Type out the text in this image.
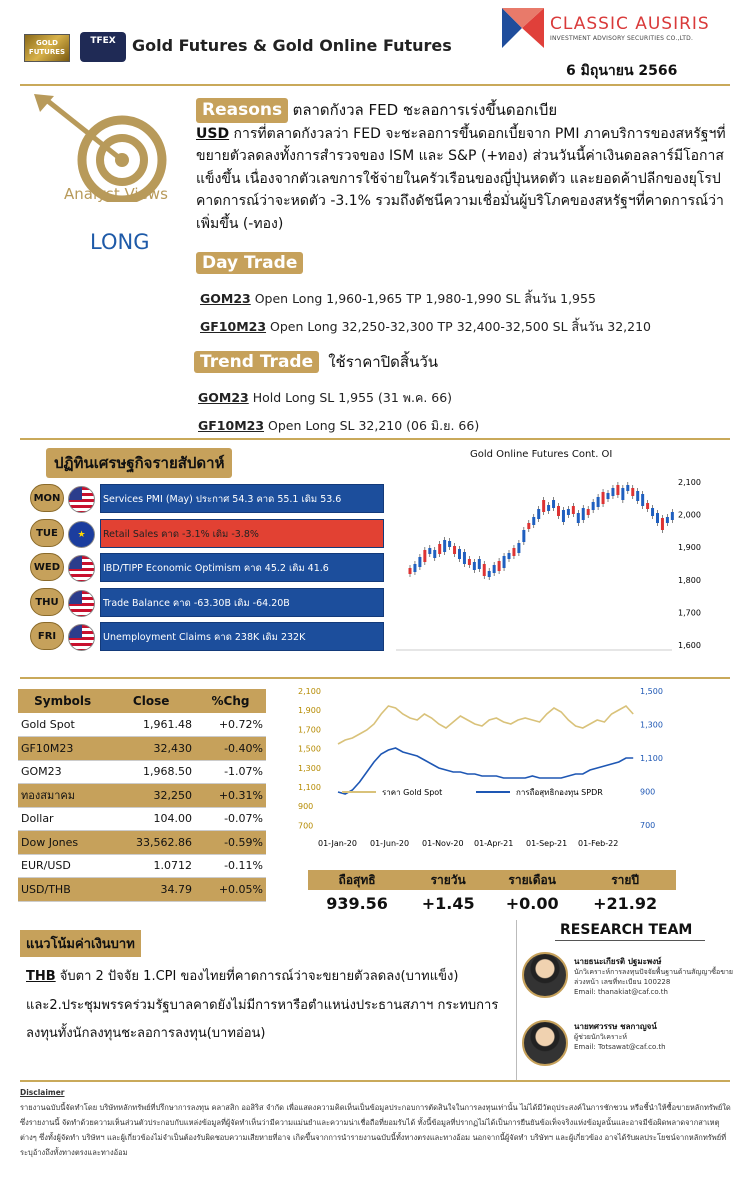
GOLD FUTURES
TFEX	Gold Futures & Gold Online Futures
CLASSIC AUSIRIS
INVESTMENT ADVISORY SECURITIES CO.,LTD.
6 มิถุนายน 2566
Analyst Views
LONG
Reasons ตลาดกังวล FED ชะลอการเร่งขึ้นดอกเบีย
USD การที่ตลาดกังวลว่า FED จะชะลอการขึ้นดอกเบี้ยจาก PMI ภาคบริการของสหรัฐฯที่ขยายตัวลดลงทั้งการสำรวจของ ISM และ S&P (+ทอง) ส่วนวันนี้ค่าเงินดอลลาร์มีโอกาสแข็งขึ้น เนื่องจากตัวเลขการใช้จ่ายในครัวเรือนของญี่ปุ่นหดตัว และยอดค้าปลีกของยุโรปคาดการณ์ว่าจะหดตัว -3.1% รวมถึงดัชนีความเชื่อมั่นผู้บริโภคของสหรัฐฯที่คาดการณ์ว่าเพิ่มขึ้น (-ทอง)
Day Trade
GOM23 Open Long 1,960-1,965 TP 1,980-1,990 SL สิ้นวัน 1,955
GF10M23 Open Long 32,250-32,300 TP 32,400-32,500 SL สิ้นวัน 32,210
Trend Trade ใช้ราคาปิดสิ้นวัน
GOM23 Hold Long SL 1,955 (31 พ.ค. 66)
GF10M23 Open Long SL 32,210 (06 มิ.ย. 66)
ปฏิทินเศรษฐกิจรายสัปดาห์
MON	Services PMI (May) ประกาศ 54.3 คาด 55.1 เดิม 53.6
TUE	★	Retail Sales คาด -3.1% เดิม -3.8%
WED	IBD/TIPP Economic Optimism คาด 45.2 เดิม 41.6
THU	Trade Balance คาด -63.30B เดิม -64.20B
FRI	Unemployment Claims คาด 238K เดิม 232K
Gold Online Futures Cont. OI
2,100
2,000
1,900
1,800
1,700
1,600
Symbols	Close	%Chg
Gold Spot	1,961.48	+0.72%
GF10M23	32,430	-0.40%
GOM23	1,968.50	-1.07%
ทองสมาคม	32,250	+0.31%
Dollar	104.00	-0.07%
Dow Jones	33,562.86	-0.59%
EUR/USD	1.0712	-0.11%
USD/THB	34.79	+0.05%
2,100
1,900
1,700
1,500
1,300
1,100
900
700
1,500
1,300
1,100
900
700
01-Jan-20 01-Jun-20 01-Nov-20 01-Apr-21 01-Sep-21 01-Feb-22
ราคา Gold Spot	การถือสุทธิกองทุน SPDR
ถือสุทธิ	รายวัน	รายเดือน	รายปี
939.56	+1.45	+0.00	+21.92
แนวโน้มค่าเงินบาท
THB จับตา 2 ปัจจัย 1.CPI ของไทยที่คาดการณ์ว่าจะขยายตัวลดลง(บาทแข็ง) และ2.ประชุมพรรคร่วมรัฐบาลคาดยังไม่มีการหารือตำแหน่งประธานสภาฯ กระทบการลงทุนทั้งนักลงทุนชะลอการลงทุน(บาทอ่อน)
RESEARCH TEAM
นายธนะเกียรติ ปฐมะพงษ์
นักวิเคราะห์การลงทุนปัจจัยพื้นฐานด้านสัญญาซื้อขายล่วงหน้า เลขที่ทะเบียน 100228
Email: thanakiat@caf.co.th
นายทศวรรษ ชลกาญจน์
ผู้ช่วยนักวิเคราะห์
Email: Totsawat@caf.co.th
Disclaimer
รายงานฉบับนี้จัดทำโดย บริษัทหลักทรัพย์ที่ปรึกษาการลงทุน คลาสสิก ออสิริส จำกัด เพื่อแสดงความคิดเห็นเป็นข้อมูลประกอบการตัดสินใจในการลงทุนเท่านั้น ไม่ได้มีวัตถุประสงค์ในการชักชวน หรือชี้นำให้ซื้อขายหลักทรัพย์ใด ซึ่งรายงานนี้ จัดทำด้วยความเห็นส่วนตัวประกอบกับแหล่งข้อมูลที่ผู้จัดทำเห็นว่ามีความแม่นยำและความน่าเชื่อถือที่ยอมรับได้ ทั้งนี้ข้อมูลที่ปรากฏไม่ได้เป็นการยืนยันข้อเท็จจริงแห่งข้อมูลนั้นและอาจมีข้อผิดพลาดจากสาเหตุต่างๆ ซึ่งทั้งผู้จัดทำ บริษัทฯ และผู้เกี่ยวข้องไม่จำเป็นต้องรับผิดชอบความเสียหายที่อาจ เกิดขึ้นจากการนำรายงานฉบับนี้ทั้งทางตรงและทางอ้อม นอกจากนี้ผู้จัดทำ บริษัทฯ และผู้เกี่ยวข้อง อาจได้รับผลประโยชน์จากหลักทรัพย์ที่ระบุอ้างถึงทั้งทางตรงและทางอ้อม
